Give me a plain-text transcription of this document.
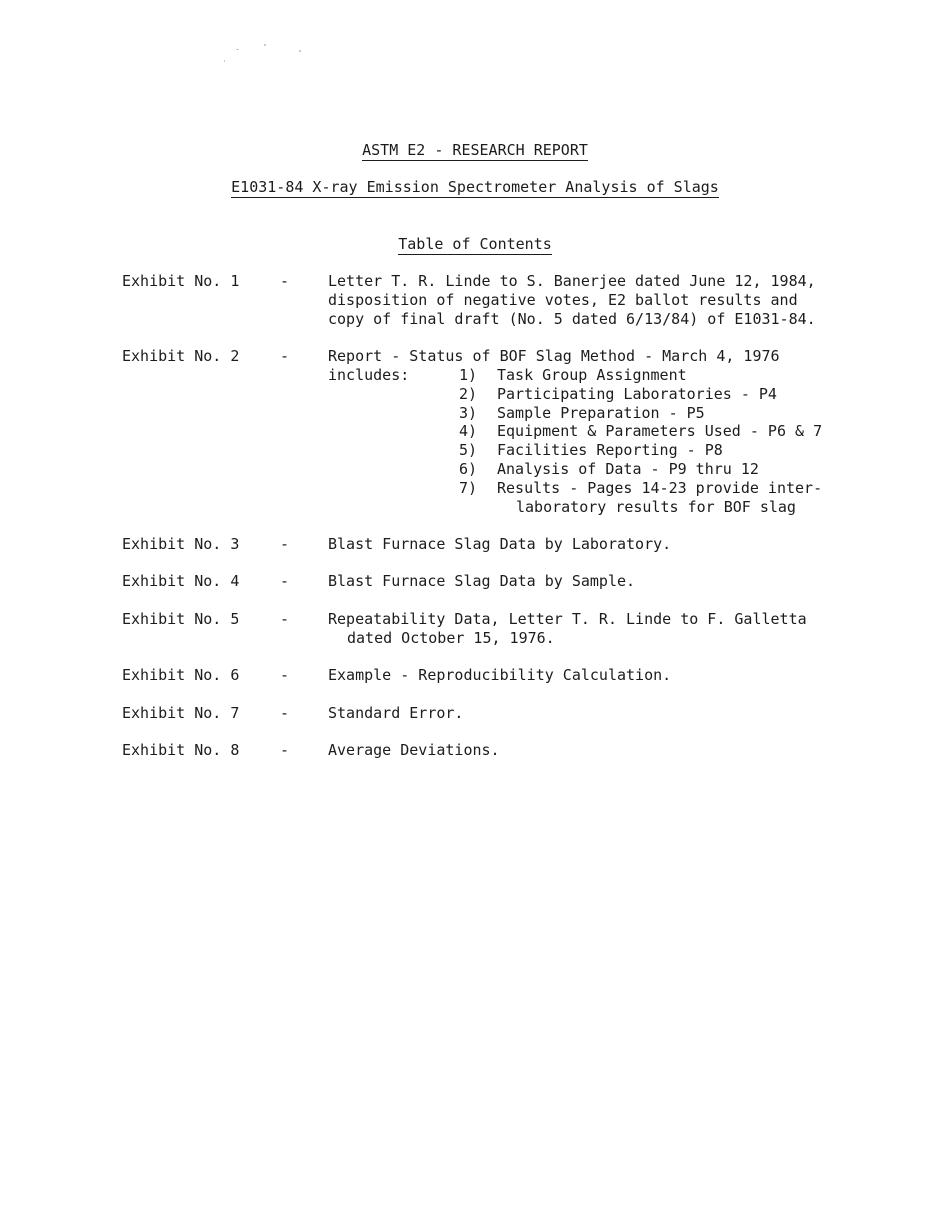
ASTM E2 - RESEARCH REPORT
E1031-84 X-ray Emission Spectrometer Analysis of Slags
Table of Contents
Exhibit No. 1	-	Letter T. R. Linde to S. Banerjee dated June 12, 1984,
disposition of negative votes, E2 ballot results and
copy of final draft (No. 5 dated 6/13/84) of E1031-84.
Exhibit No. 2	-	Report - Status of BOF Slag Method - March 4, 1976
includes:	1) Task Group Assignment
2) Participating Laboratories - P4
3) Sample Preparation - P5
4) Equipment & Parameters Used - P6 & 7
5) Facilities Reporting - P8
6) Analysis of Data - P9 thru 12
7) Results - Pages 14-23 provide inter-
laboratory results for BOF slag
Exhibit No. 3	-	Blast Furnace Slag Data by Laboratory.
Exhibit No. 4	-	Blast Furnace Slag Data by Sample.
Exhibit No. 5	-	Repeatability Data, Letter T. R. Linde to F. Galletta
dated October 15, 1976.
Exhibit No. 6	-	Example - Reproducibility Calculation.
Exhibit No. 7	-	Standard Error.
Exhibit No. 8	-	Average Deviations.
